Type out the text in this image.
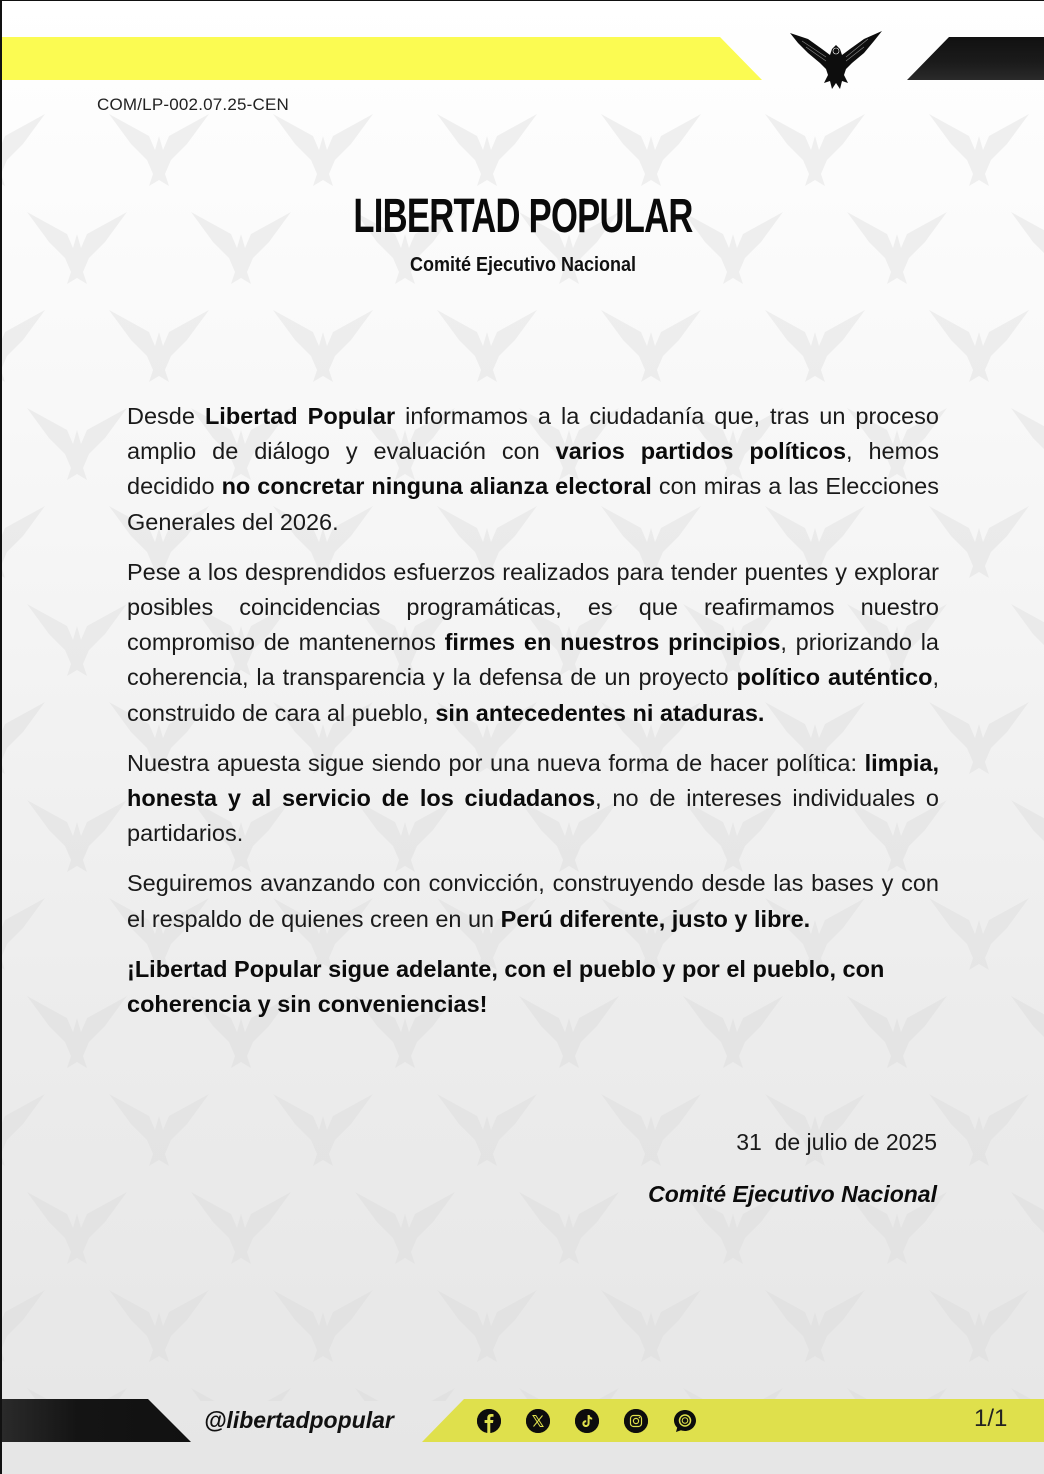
COM/LP-002.07.25-CEN
LIBERTAD POPULAR
Comité Ejecutivo Nacional

Desde Libertad Popular informamos a la ciudadanía que, tras un proceso amplio de diálogo y evaluación con varios partidos políticos, hemos decidido no concretar ninguna alianza electoral con miras a las Elecciones Generales del 2026.

Pese a los desprendidos esfuerzos realizados para tender puentes y explorar posibles coincidencias programáticas, es que reafirmamos nuestro compromiso de mantenernos firmes en nuestros principios, priorizando la coherencia, la transparencia y la defensa de un proyecto político auténtico, construido de cara al pueblo, sin antecedentes ni ataduras.

Nuestra apuesta sigue siendo por una nueva forma de hacer política: limpia, honesta y al servicio de los ciudadanos, no de intereses individuales o partidarios.

Seguiremos avanzando con convicción, construyendo desde las bases y con el respaldo de quienes creen en un Perú diferente, justo y libre.

¡Libertad Popular sigue adelante, con el pueblo y por el pueblo, con coherencia y sin conveniencias!

31  de julio de 2025
Comité Ejecutivo Nacional
@libertadpopular	1/1
